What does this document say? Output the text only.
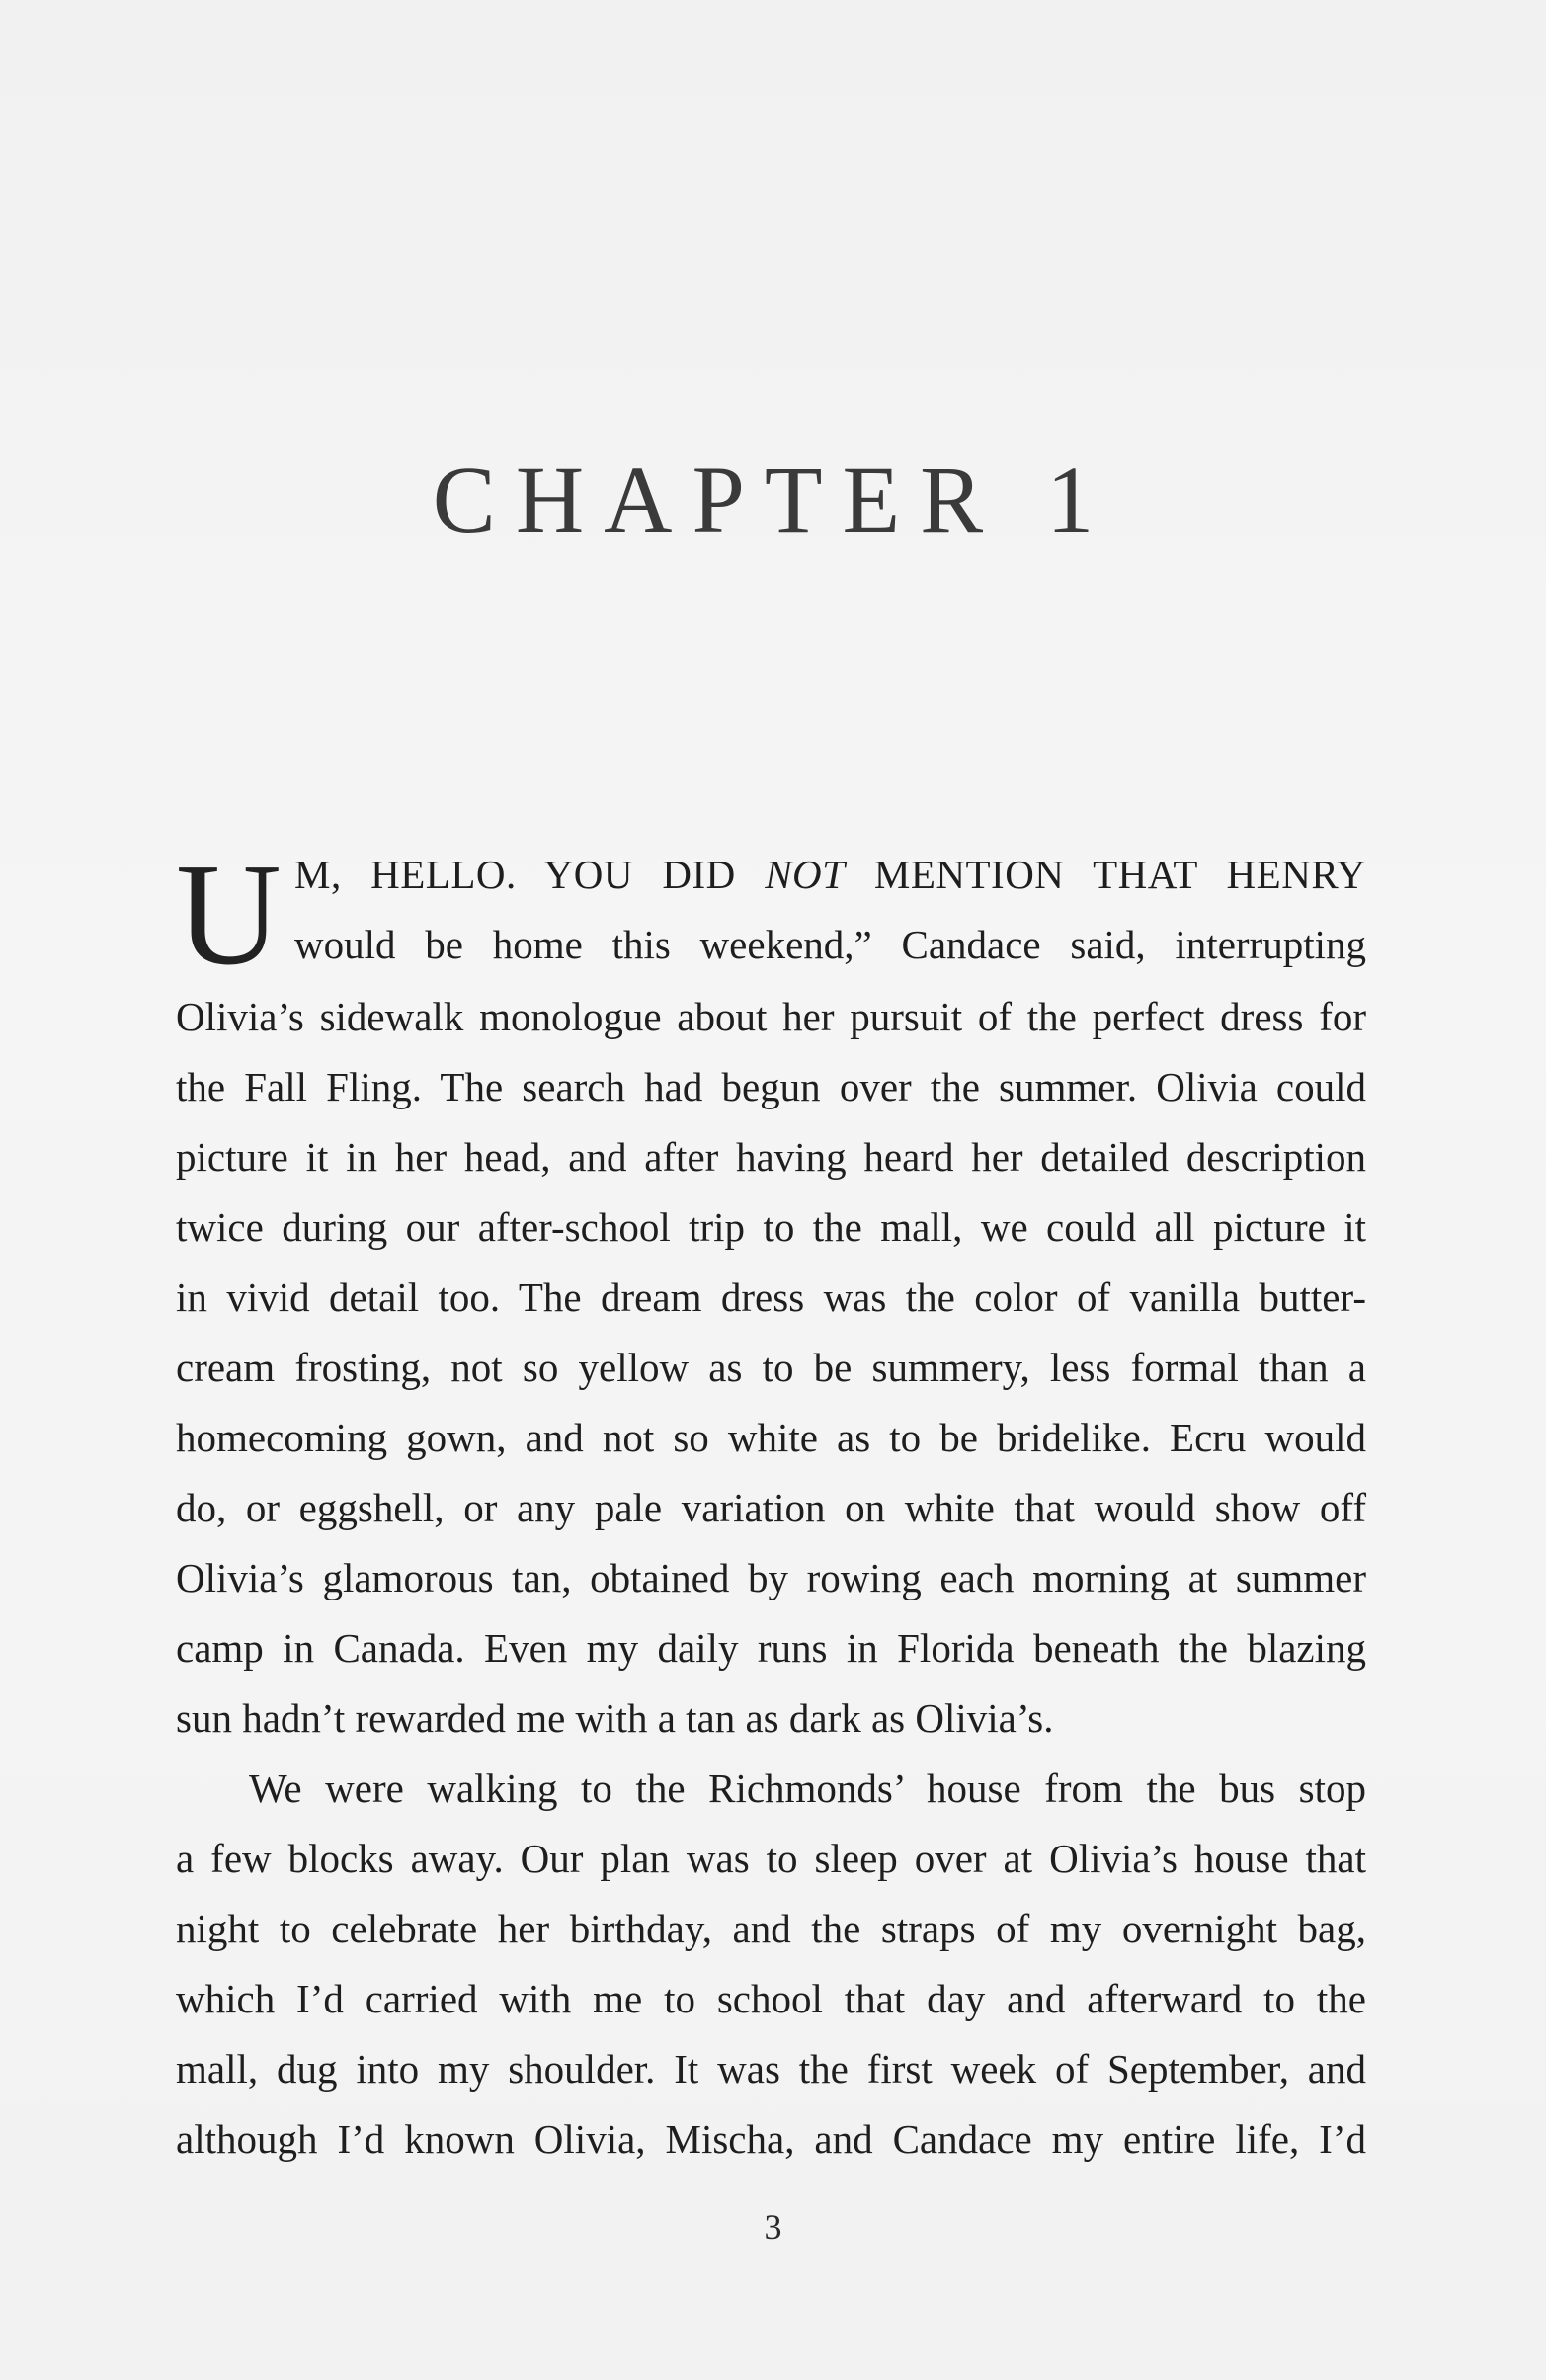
CHAPTER 1
U M, HELLO. YOU DID NOT MENTION THAT HENRY
would be home this weekend,” Candace said, interrupting
Olivia’s sidewalk monologue about her pursuit of the perfect dress for
the Fall Fling. The search had begun over the summer. Olivia could
picture it in her head, and after having heard her detailed description
twice during our after-school trip to the mall, we could all picture it
in vivid detail too. The dream dress was the color of vanilla butter-
cream frosting, not so yellow as to be summery, less formal than a
homecoming gown, and not so white as to be bridelike. Ecru would
do, or eggshell, or any pale variation on white that would show off
Olivia’s glamorous tan, obtained by rowing each morning at summer
camp in Canada. Even my daily runs in Florida beneath the blazing
sun hadn’t rewarded me with a tan as dark as Olivia’s.
We were walking to the Richmonds’ house from the bus stop
a few blocks away. Our plan was to sleep over at Olivia’s house that
night to celebrate her birthday, and the straps of my overnight bag,
which I’d carried with me to school that day and afterward to the
mall, dug into my shoulder. It was the first week of September, and
although I’d known Olivia, Mischa, and Candace my entire life, I’d
3
